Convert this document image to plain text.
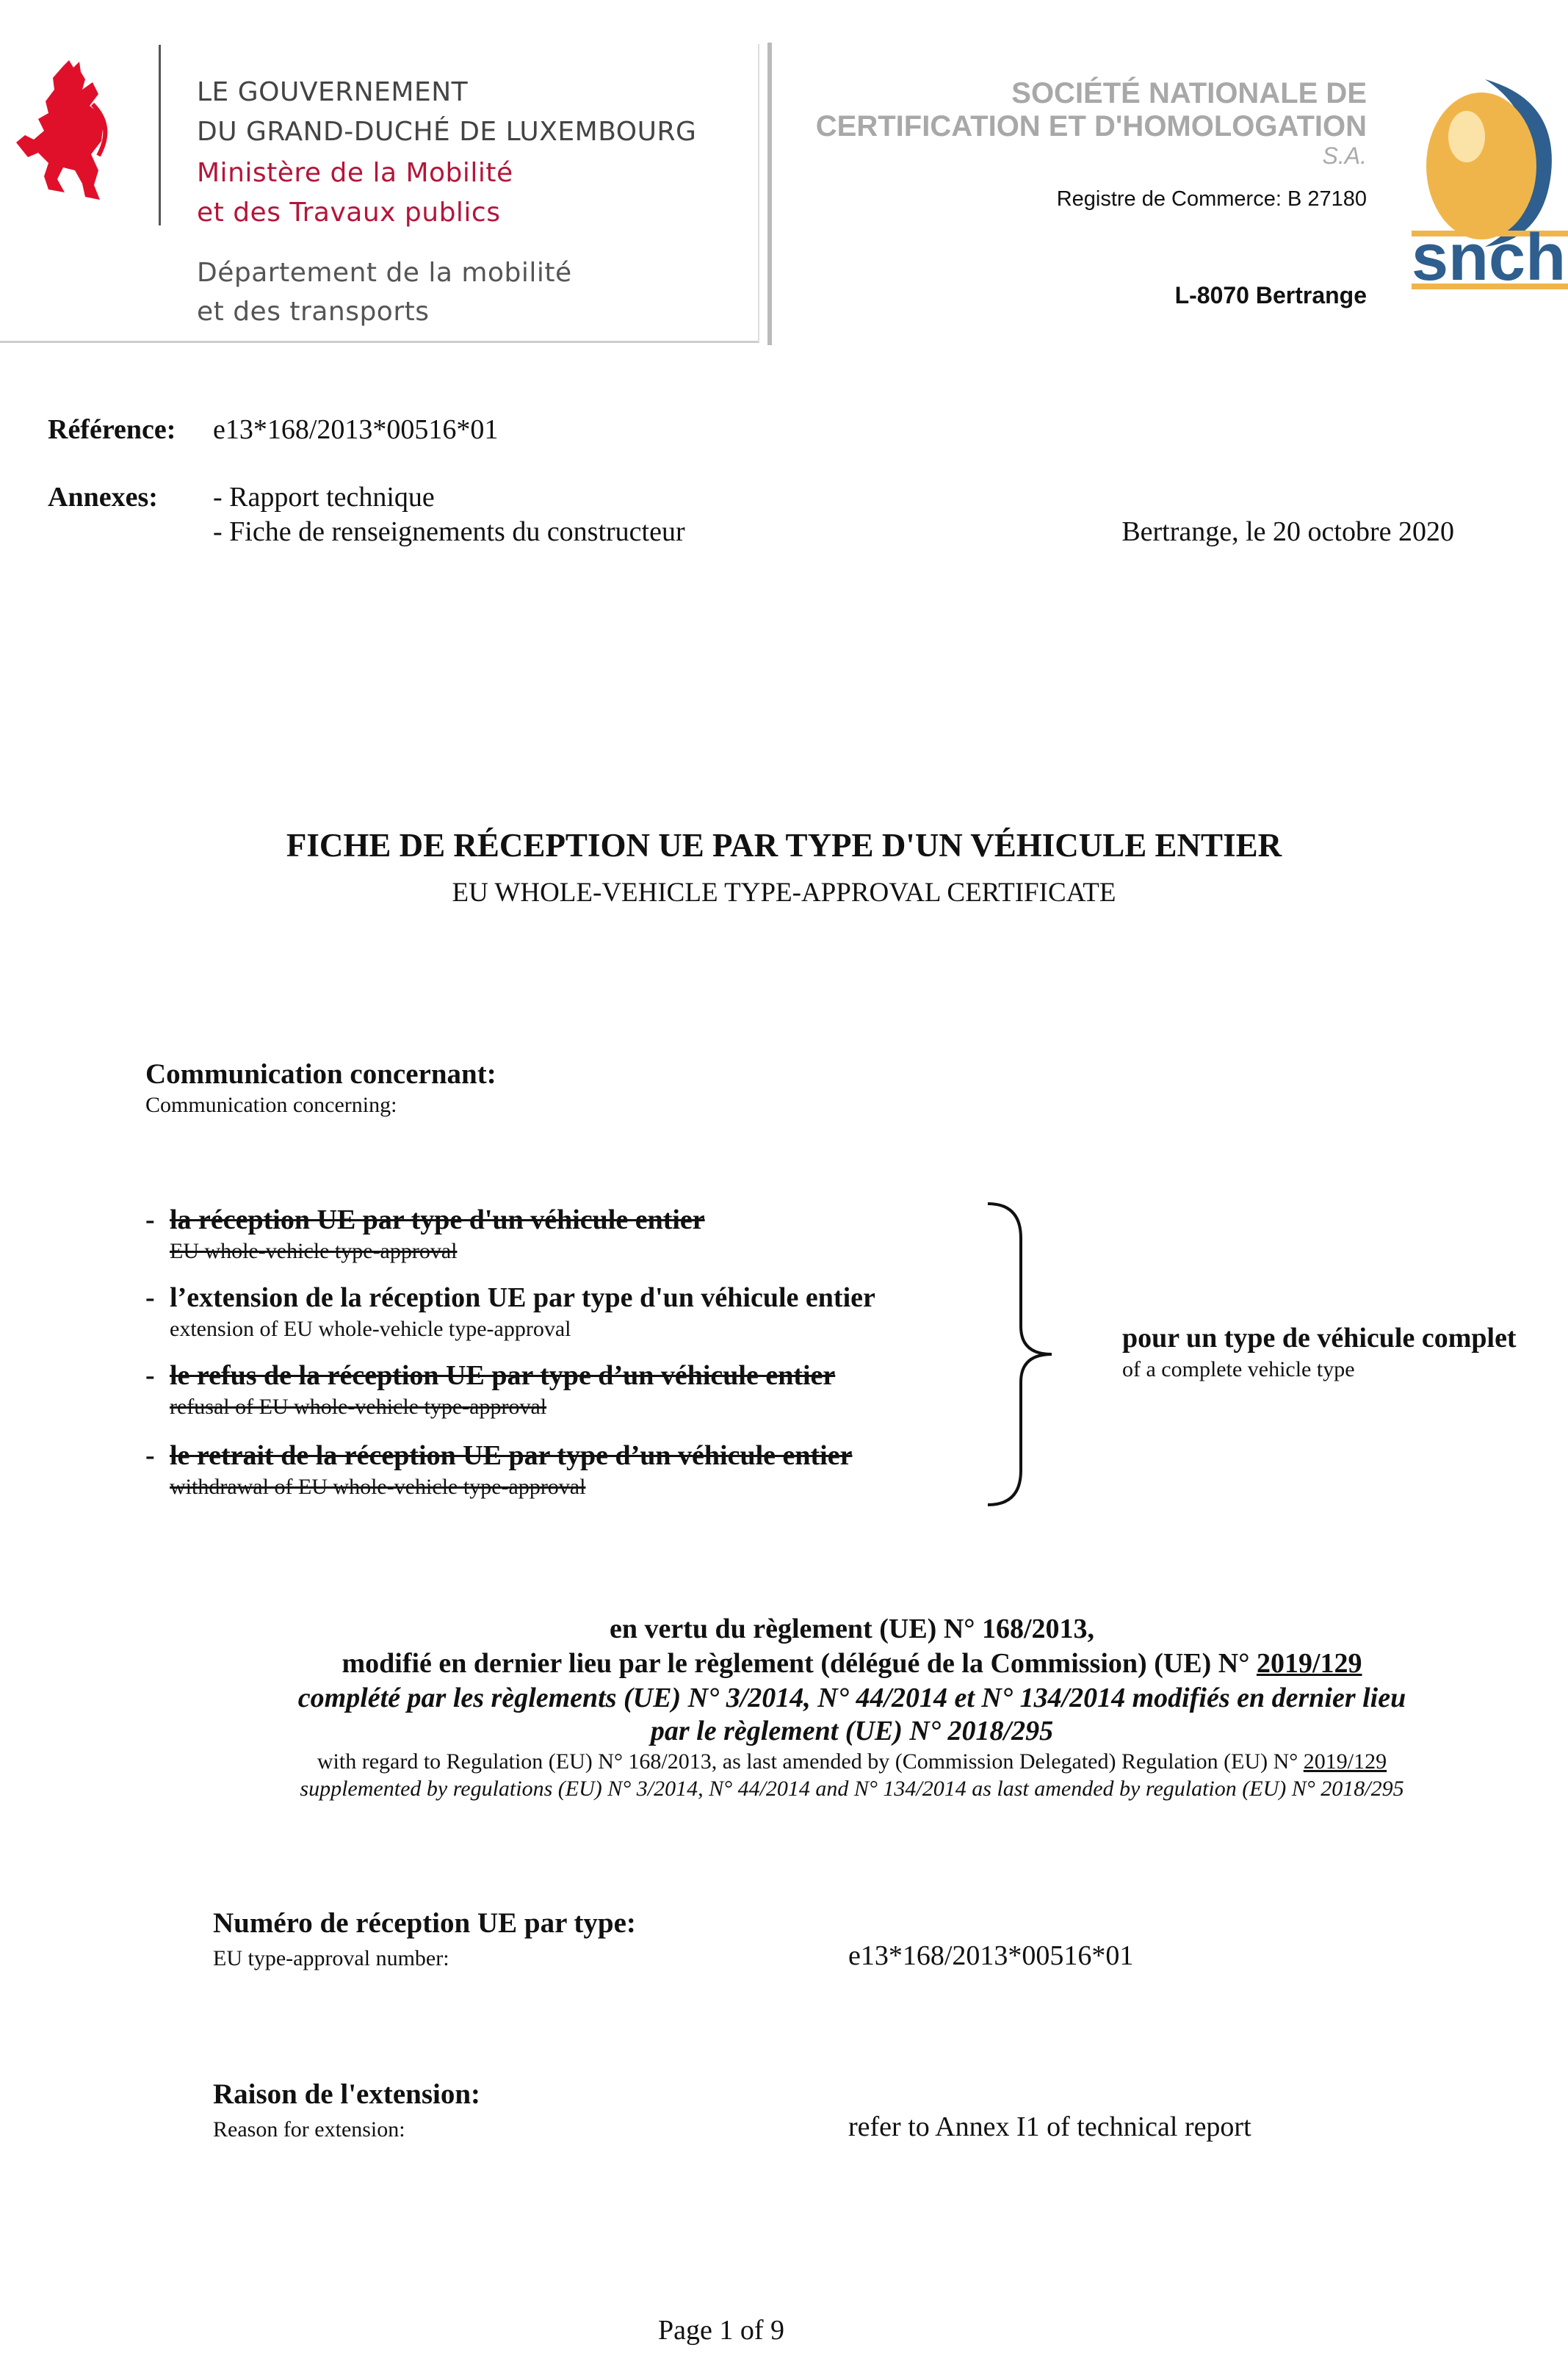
LE GOUVERNEMENT
DU GRAND-DUCHÉ DE LUXEMBOURG
Ministère de la Mobilité
et des Travaux publics
Département de la mobilité
et des transports
SOCIÉTÉ NATIONALE DE
CERTIFICATION ET D'HOMOLOGATION
S.A.
Registre de Commerce: B 27180
L-8070 Bertrange
snch
Référence: e13*168/2013*00516*01
Annexes: - Rapport technique
- Fiche de renseignements du constructeur	Bertrange, le 20 octobre 2020
FICHE DE RÉCEPTION UE PAR TYPE D'UN VÉHICULE ENTIER
EU WHOLE-VEHICLE TYPE-APPROVAL CERTIFICATE
Communication concernant:
Communication concerning:
- la réception UE par type d'un véhicule entier
EU whole-vehicle type-approval
- l’extension de la réception UE par type d'un véhicule entier
extension of EU whole-vehicle type-approval
- le refus de la réception UE par type d’un véhicule entier
refusal of EU whole-vehicle type-approval
- le retrait de la réception UE par type d’un véhicule entier
withdrawal of EU whole-vehicle type-approval
pour un type de véhicule complet
of a complete vehicle type
en vertu du règlement (UE) N° 168/2013,
modifié en dernier lieu par le règlement (délégué de la Commission) (UE) N° 2019/129
complété par les règlements (UE) N° 3/2014, N° 44/2014 et N° 134/2014 modifiés en dernier lieu
par le règlement (UE) N° 2018/295
with regard to Regulation (EU) N° 168/2013, as last amended by (Commission Delegated) Regulation (EU) N° 2019/129
supplemented by regulations (EU) N° 3/2014, N° 44/2014 and N° 134/2014 as last amended by regulation (EU) N° 2018/295
Numéro de réception UE par type:
EU type-approval number:	e13*168/2013*00516*01
Raison de l'extension:
Reason for extension:	refer to Annex I1 of technical report
Page 1 of 9
